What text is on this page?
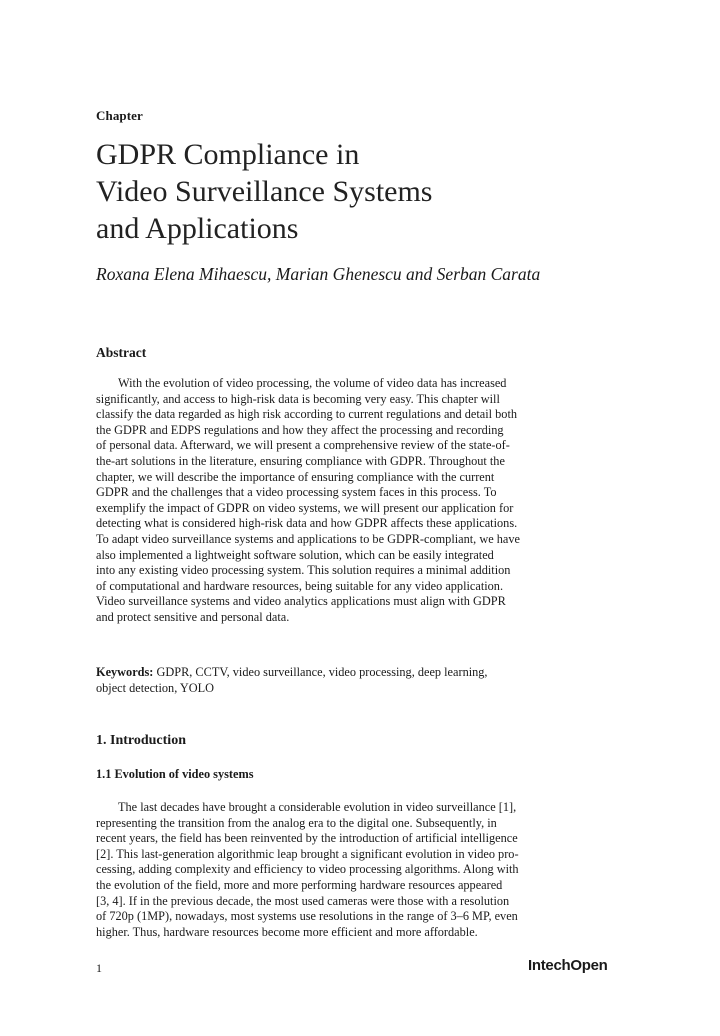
Chapter
GDPR Compliance in
Video Surveillance Systems
and Applications
Roxana Elena Mihaescu, Marian Ghenescu and Serban Carata
Abstract
With the evolution of video processing, the volume of video data has increased
significantly, and access to high-risk data is becoming very easy. This chapter will
classify the data regarded as high risk according to current regulations and detail both
the GDPR and EDPS regulations and how they affect the processing and recording
of personal data. Afterward, we will present a comprehensive review of the state-of-
the-art solutions in the literature, ensuring compliance with GDPR. Throughout the
chapter, we will describe the importance of ensuring compliance with the current
GDPR and the challenges that a video processing system faces in this process. To
exemplify the impact of GDPR on video systems, we will present our application for
detecting what is considered high-risk data and how GDPR affects these applications.
To adapt video surveillance systems and applications to be GDPR-compliant, we have
also implemented a lightweight software solution, which can be easily integrated
into any existing video processing system. This solution requires a minimal addition
of computational and hardware resources, being suitable for any video application.
Video surveillance systems and video analytics applications must align with GDPR
and protect sensitive and personal data.
Keywords: GDPR, CCTV, video surveillance, video processing, deep learning,
object detection, YOLO
1. Introduction
1.1 Evolution of video systems
The last decades have brought a considerable evolution in video surveillance [1],
representing the transition from the analog era to the digital one. Subsequently, in
recent years, the field has been reinvented by the introduction of artificial intelligence
[2]. This last-generation algorithmic leap brought a significant evolution in video pro-
cessing, adding complexity and efficiency to video processing algorithms. Along with
the evolution of the field, more and more performing hardware resources appeared
[3, 4]. If in the previous decade, the most used cameras were those with a resolution
of 720p (1MP), nowadays, most systems use resolutions in the range of 3–6 MP, even
higher. Thus, hardware resources become more efficient and more affordable.
1	IntechOpen
